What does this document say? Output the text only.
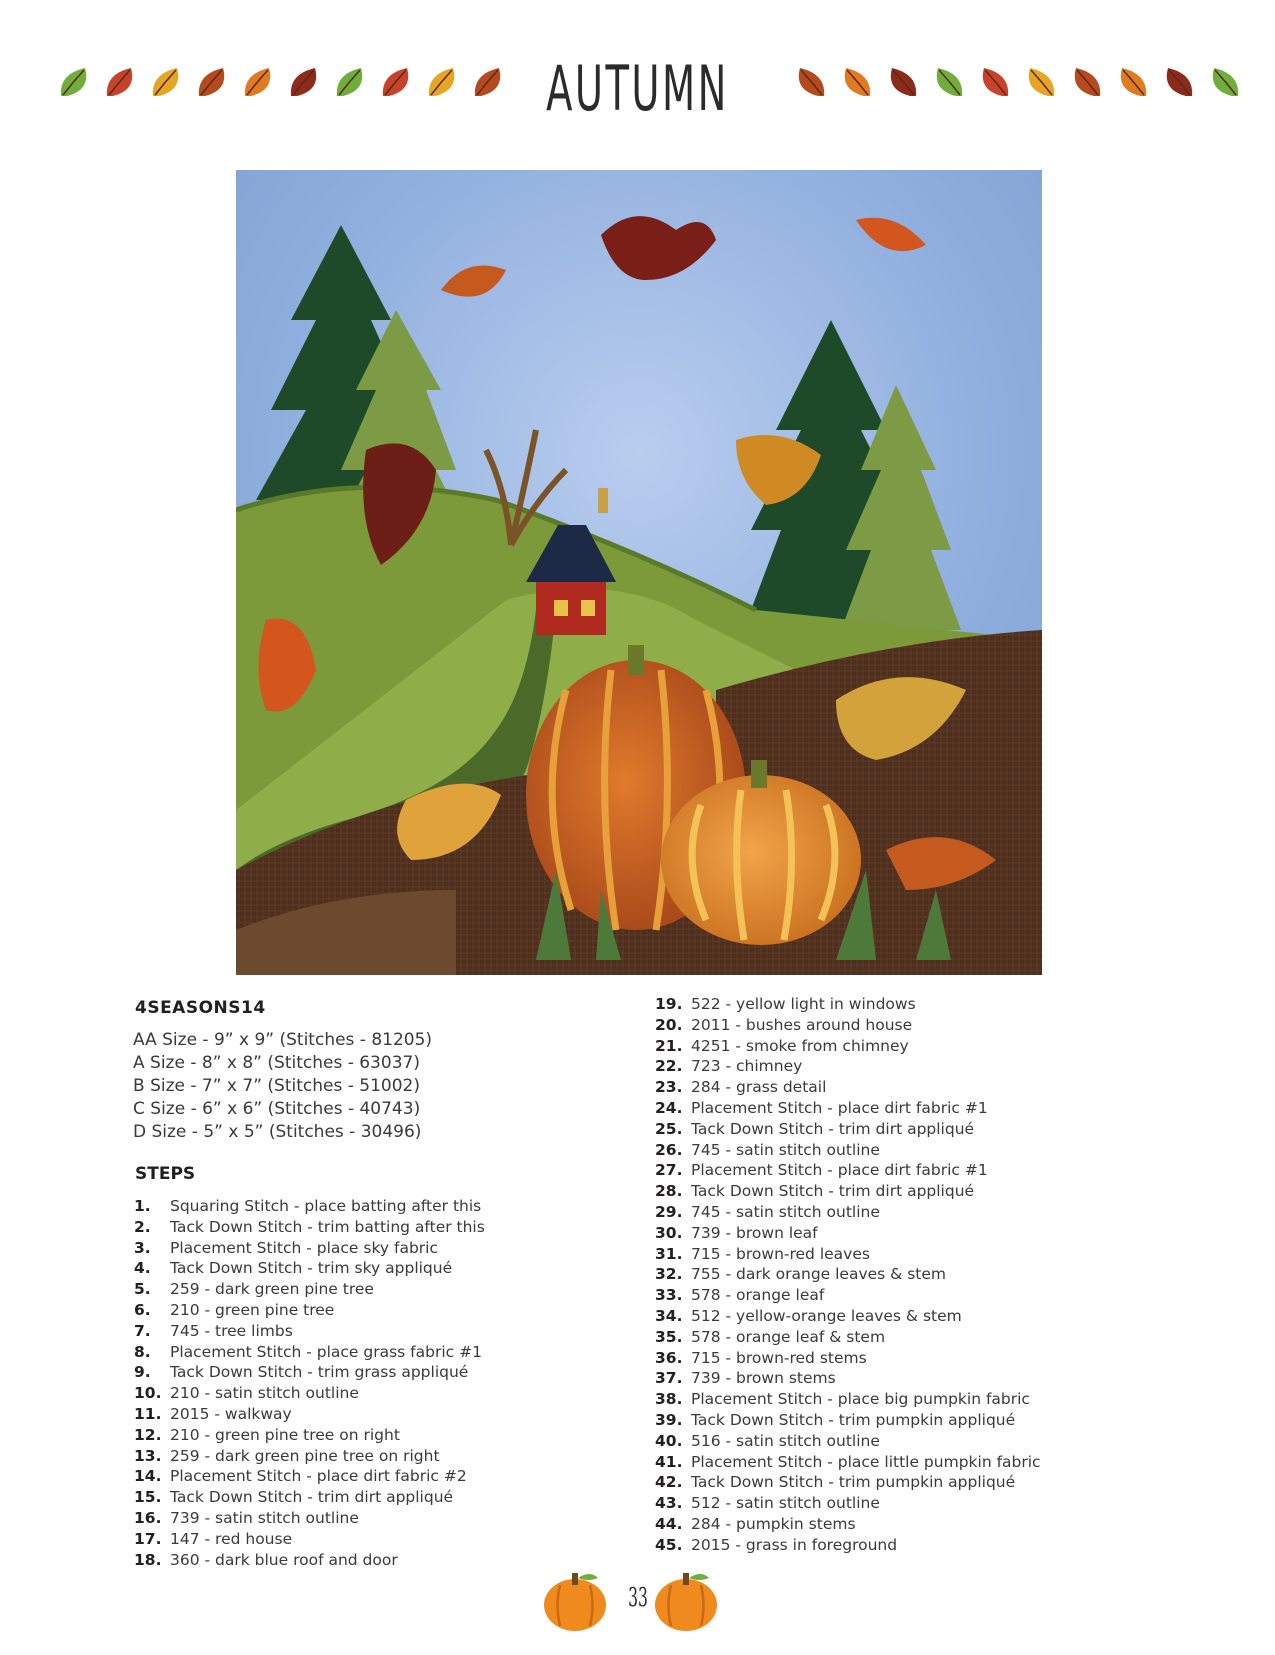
AUTUMN
4SEASONS14
AA Size - 9” x 9” (Stitches - 81205)
A Size - 8” x 8” (Stitches - 63037)
B Size - 7” x 7” (Stitches - 51002)
C Size - 6” x 6” (Stitches - 40743)
D Size - 5” x 5” (Stitches - 30496)
STEPS
1. Squaring Stitch - place batting after this
2. Tack Down Stitch - trim batting after this
3. Placement Stitch - place sky fabric
4. Tack Down Stitch - trim sky appliqué
5. 259 - dark green pine tree
6. 210 - green pine tree
7. 745 - tree limbs
8. Placement Stitch - place grass fabric #1
9. Tack Down Stitch - trim grass appliqué
10. 210 - satin stitch outline
11. 2015 - walkway
12. 210 - green pine tree on right
13. 259 - dark green pine tree on right
14. Placement Stitch - place dirt fabric #2
15. Tack Down Stitch - trim dirt appliqué
16. 739 - satin stitch outline
17. 147 - red house
18. 360 - dark blue roof and door
19. 522 - yellow light in windows
20. 2011 - bushes around house
21. 4251 - smoke from chimney
22. 723 - chimney
23. 284 - grass detail
24. Placement Stitch - place dirt fabric #1
25. Tack Down Stitch - trim dirt appliqué
26. 745 - satin stitch outline
27. Placement Stitch - place dirt fabric #1
28. Tack Down Stitch - trim dirt appliqué
29. 745 - satin stitch outline
30. 739 - brown leaf
31. 715 - brown-red leaves
32. 755 - dark orange leaves & stem
33. 578 - orange leaf
34. 512 - yellow-orange leaves & stem
35. 578 - orange leaf & stem
36. 715 - brown-red stems
37. 739 - brown stems
38. Placement Stitch - place big pumpkin fabric
39. Tack Down Stitch - trim pumpkin appliqué
40. 516 - satin stitch outline
41. Placement Stitch - place little pumpkin fabric
42. Tack Down Stitch - trim pumpkin appliqué
43. 512 - satin stitch outline
44. 284 - pumpkin stems
45. 2015 - grass in foreground
33
